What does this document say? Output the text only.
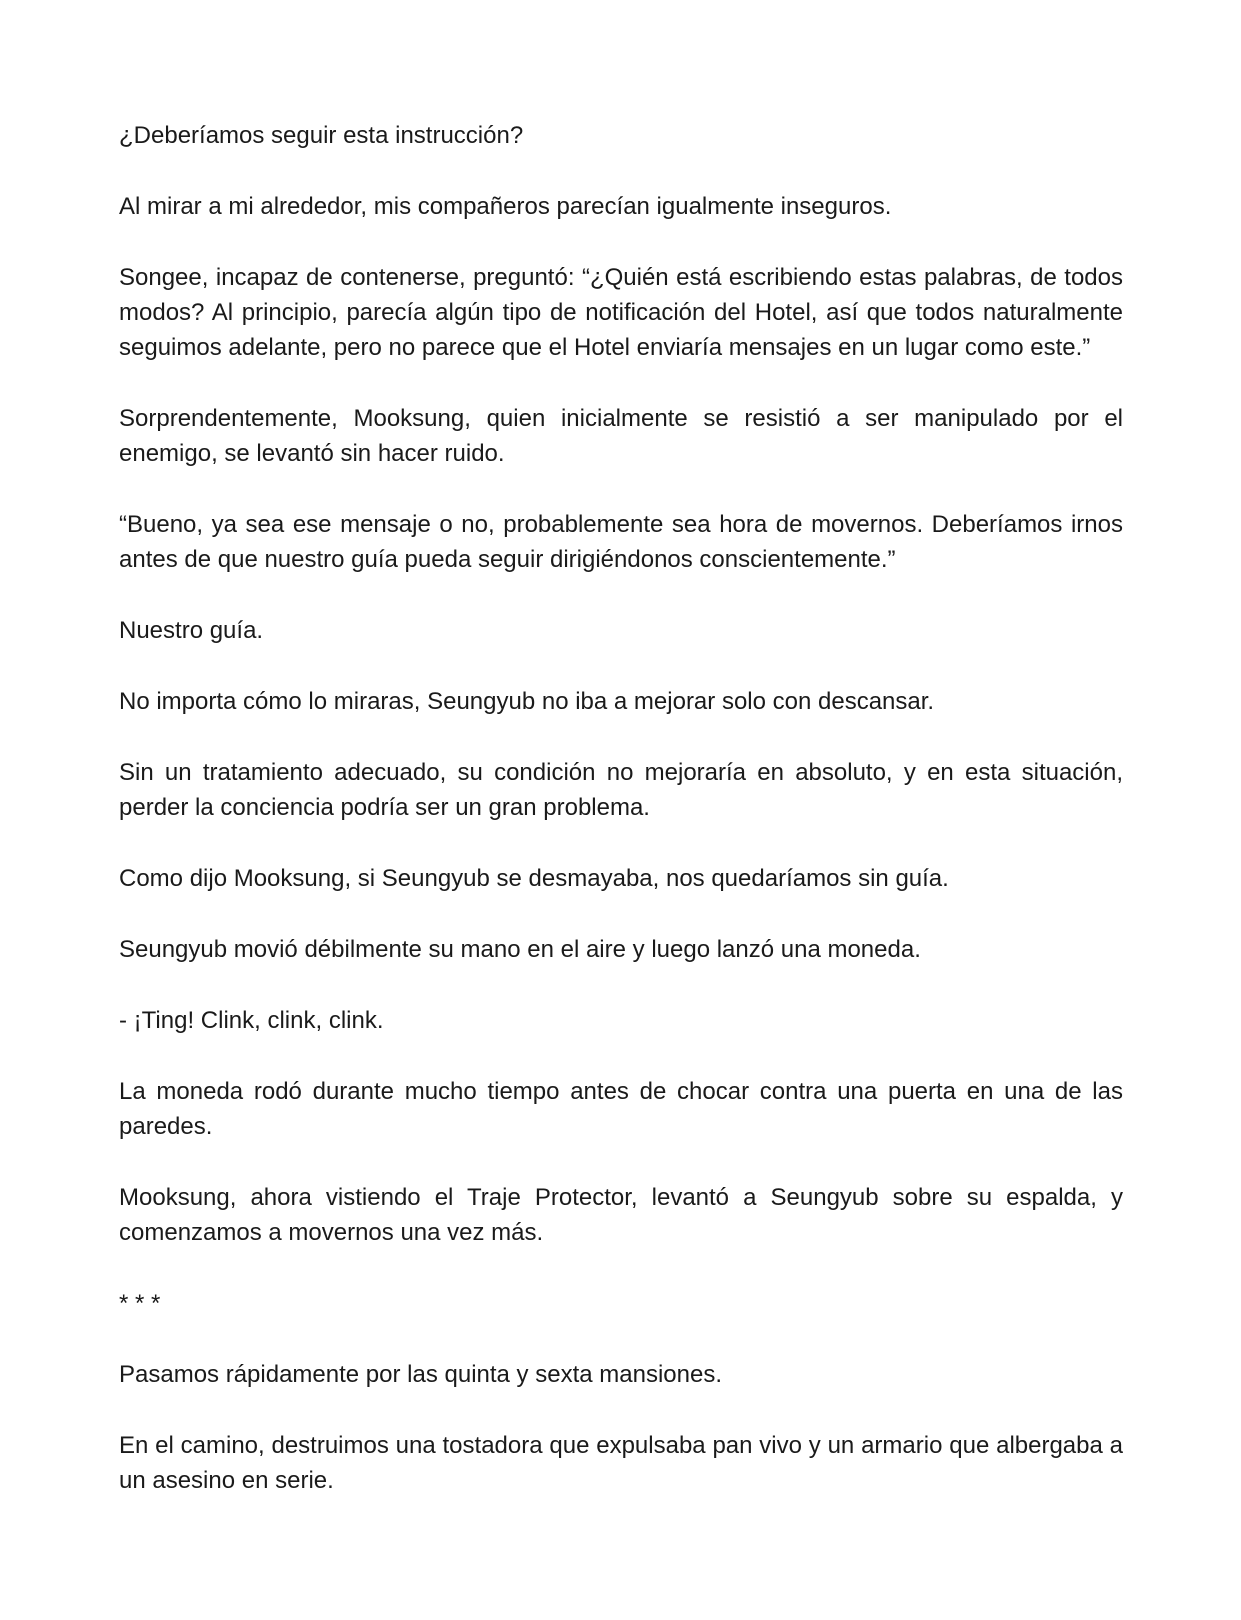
¿Deberíamos seguir esta instrucción?

Al mirar a mi alrededor, mis compañeros parecían igualmente inseguros.

Songee, incapaz de contenerse, preguntó: “¿Quién está escribiendo estas palabras, de todos modos? Al principio, parecía algún tipo de notificación del Hotel, así que todos naturalmente seguimos adelante, pero no parece que el Hotel enviaría mensajes en un lugar como este.”

Sorprendentemente, Mooksung, quien inicialmente se resistió a ser manipulado por el enemigo, se levantó sin hacer ruido.

“Bueno, ya sea ese mensaje o no, probablemente sea hora de movernos. Deberíamos irnos antes de que nuestro guía pueda seguir dirigiéndonos conscientemente.”

Nuestro guía.

No importa cómo lo miraras, Seungyub no iba a mejorar solo con descansar.

Sin un tratamiento adecuado, su condición no mejoraría en absoluto, y en esta situación, perder la conciencia podría ser un gran problema.

Como dijo Mooksung, si Seungyub se desmayaba, nos quedaríamos sin guía.

Seungyub movió débilmente su mano en el aire y luego lanzó una moneda.

- ¡Ting! Clink, clink, clink.

La moneda rodó durante mucho tiempo antes de chocar contra una puerta en una de las paredes.

Mooksung, ahora vistiendo el Traje Protector, levantó a Seungyub sobre su espalda, y comenzamos a movernos una vez más.

* * *

Pasamos rápidamente por las quinta y sexta mansiones.

En el camino, destruimos una tostadora que expulsaba pan vivo y un armario que albergaba a un asesino en serie.
